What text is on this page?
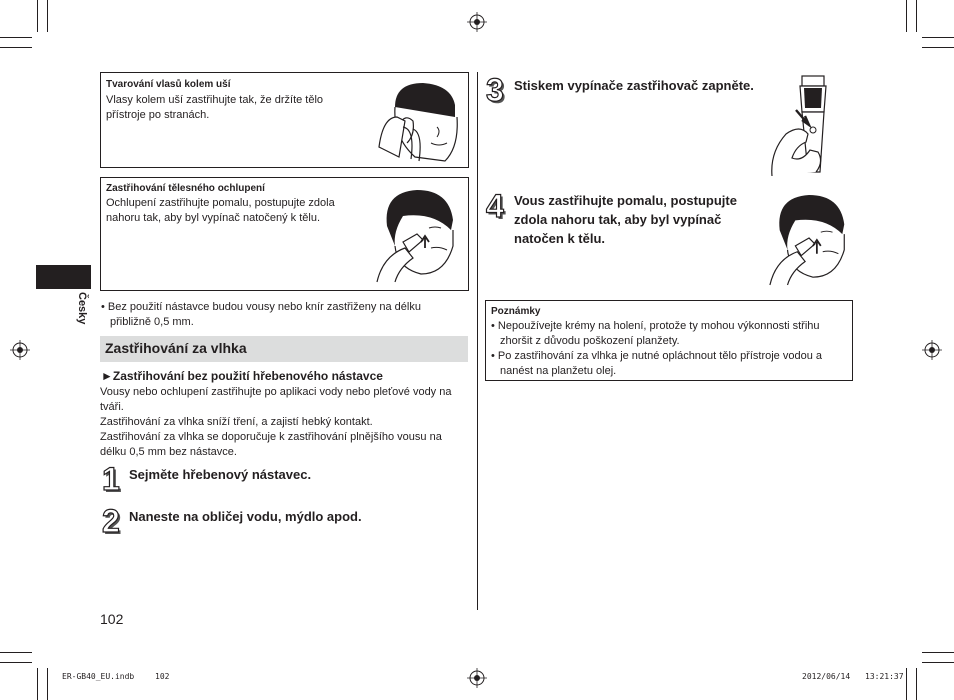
Česky
Tvarování vlasů kolem uší
Vlasy kolem uší zastřihujte tak, že držíte tělo
přístroje po stranách.
Zastřihování tělesného ochlupení
Ochlupení zastřihujte pomalu, postupujte zdola
nahoru tak, aby byl vypínač natočený k tělu.
• Bez použití nástavce budou vousy nebo knír zastřiženy na délku
přibližně 0,5 mm.
Zastřihování za vlhka
►Zastřihování bez použití hřebenového nástavce
Vousy nebo ochlupení zastřihujte po aplikaci vody nebo pleťové vody na
tváři.
Zastřihování za vlhka sníží tření, a zajistí hebký kontakt.
Zastřihování za vlhka se doporučuje k zastřihování plnějšího vousu na
délku 0,5 mm bez nástavce.
1 Sejměte hřebenový nástavec.
2 Naneste na obličej vodu, mýdlo apod.
3 Stiskem vypínače zastřihovač zapněte.
4 Vous zastřihujte pomalu, postupujte
zdola nahoru tak, aby byl vypínač
natočen k tělu.
Poznámky
• Nepoužívejte krémy na holení, protože ty mohou výkonnosti střihu
zhoršit z důvodu poškození planžety.
• Po zastřihování za vlhka je nutné opláchnout tělo přístroje vodou a
nanést na planžetu olej.
102
ER-GB40_EU.indb	102	2012/06/14 13:21:37
